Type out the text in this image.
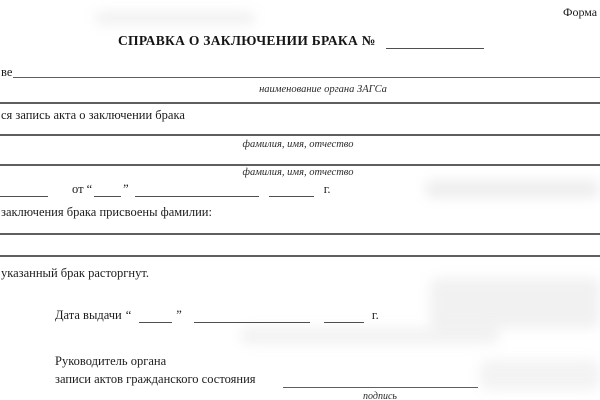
Форма
СПРАВКА О ЗАКЛЮЧЕНИИ БРАКА №
ве
наименование органа ЗАГСа
ся запись акта о заключении брака
фамилия, имя, отчество
фамилия, имя, отчество
от “ ”	г.
заключения брака присвоены фамилии:
указанный брак расторгнут.
Дата выдачи “	”	г.
Руководитель органа
записи актов гражданского состояния
подпись
